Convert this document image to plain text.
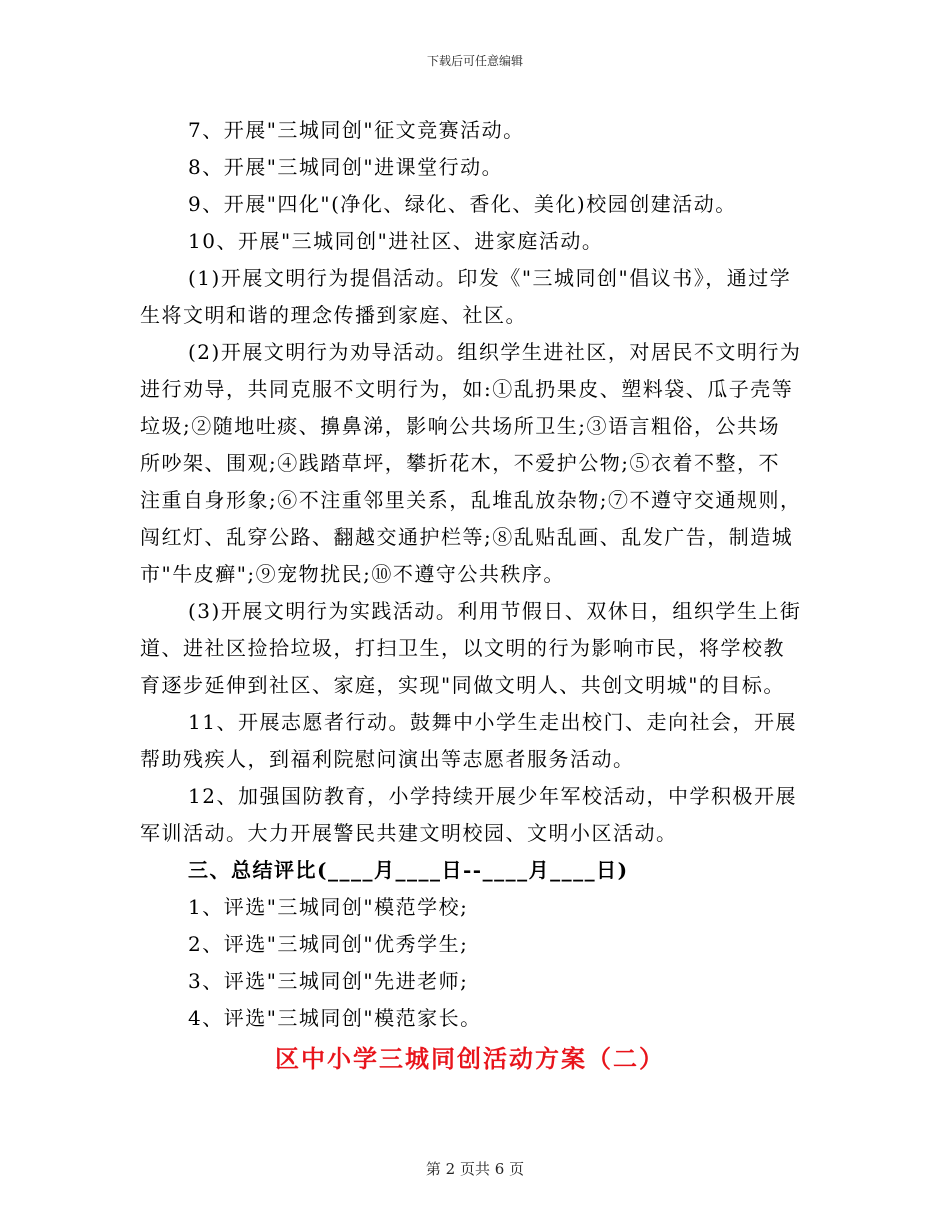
下载后可任意编辑
7、开展"三城同创"征文竞赛活动。
8、开展"三城同创"进课堂行动。
9、开展"四化"(净化、绿化、香化、美化)校园创建活动。
10、开展"三城同创"进社区、进家庭活动。
(1)开展文明行为提倡活动。印发《"三城同创"倡议书》，通过学
生将文明和谐的理念传播到家庭、社区。
(2)开展文明行为劝导活动。组织学生进社区，对居民不文明行为
进行劝导，共同克服不文明行为，如:①乱扔果皮、塑料袋、瓜子壳等
垃圾;②随地吐痰、擤鼻涕，影响公共场所卫生;③语言粗俗，公共场
所吵架、围观;④践踏草坪，攀折花木，不爱护公物;⑤衣着不整，不
注重自身形象;⑥不注重邻里关系，乱堆乱放杂物;⑦不遵守交通规则，
闯红灯、乱穿公路、翻越交通护栏等;⑧乱贴乱画、乱发广告，制造城
市"牛皮癣";⑨宠物扰民;⑩不遵守公共秩序。
(3)开展文明行为实践活动。利用节假日、双休日，组织学生上街
道、进社区捡拾垃圾，打扫卫生，以文明的行为影响市民，将学校教
育逐步延伸到社区、家庭，实现"同做文明人、共创文明城"的目标。
11、开展志愿者行动。鼓舞中小学生走出校门、走向社会，开展
帮助残疾人，到福利院慰问演出等志愿者服务活动。
12、加强国防教育，小学持续开展少年军校活动，中学积极开展
军训活动。大力开展警民共建文明校园、文明小区活动。
三、总结评比(____月____日--____月____日)
1、评选"三城同创"模范学校;
2、评选"三城同创"优秀学生;
3、评选"三城同创"先进老师;
4、评选"三城同创"模范家长。
区中小学三城同创活动方案（二）
第 2 页共 6 页
